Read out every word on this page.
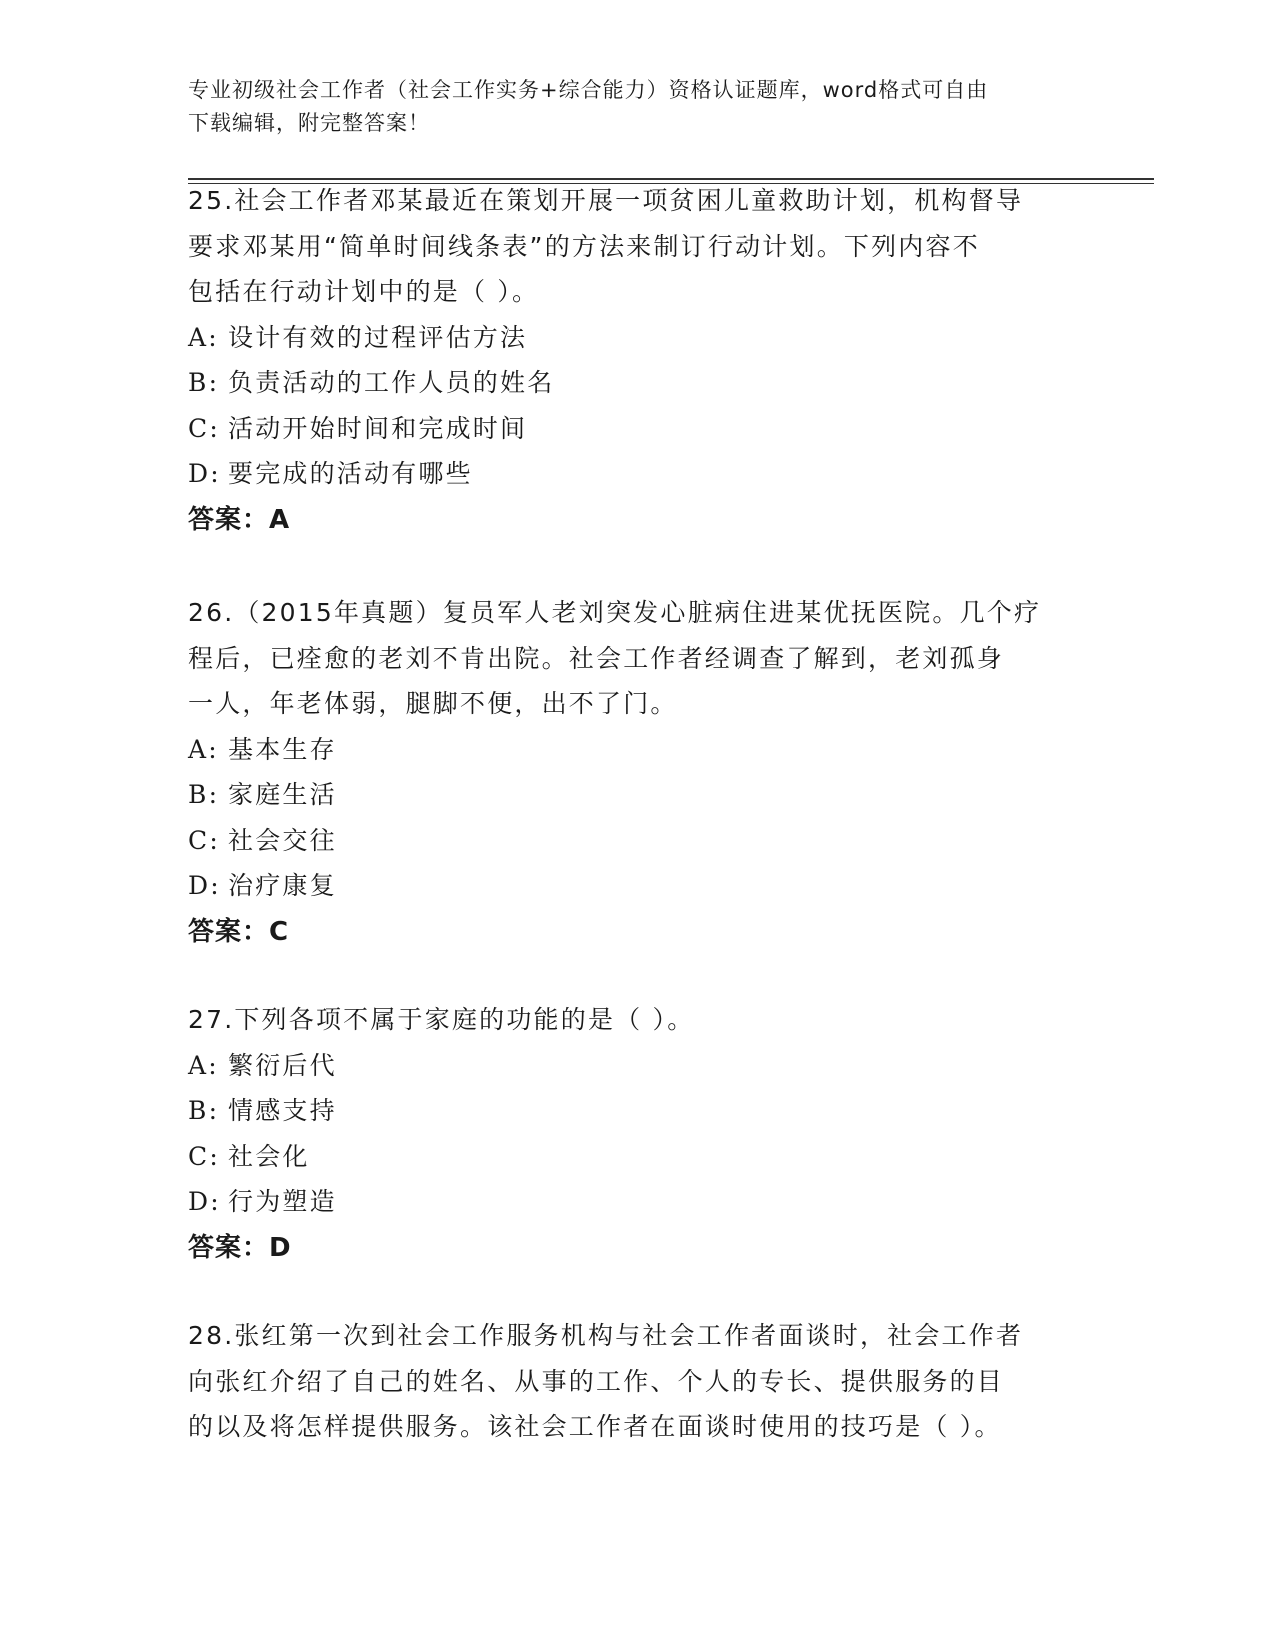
专业初级社会工作者（社会工作实务+综合能力）资格认证题库，word格式可自由
下载编辑，附完整答案！
25.社会工作者邓某最近在策划开展一项贫困儿童救助计划，机构督导
要求邓某用“简单时间线条表”的方法来制订行动计划。下列内容不
包括在行动计划中的是（ ）。
A: 设计有效的过程评估方法
B: 负责活动的工作人员的姓名
C: 活动开始时间和完成时间
D: 要完成的活动有哪些
答案：A
26.（2015年真题）复员军人老刘突发心脏病住进某优抚医院。几个疗
程后，已痊愈的老刘不肯出院。社会工作者经调查了解到，老刘孤身
一人，年老体弱，腿脚不便，出不了门。
A: 基本生存
B: 家庭生活
C: 社会交往
D: 治疗康复
答案：C
27.下列各项不属于家庭的功能的是（ ）。
A: 繁衍后代
B: 情感支持
C: 社会化
D: 行为塑造
答案：D
28.张红第一次到社会工作服务机构与社会工作者面谈时，社会工作者
向张红介绍了自己的姓名、从事的工作、个人的专长、提供服务的目
的以及将怎样提供服务。该社会工作者在面谈时使用的技巧是（ ）。
